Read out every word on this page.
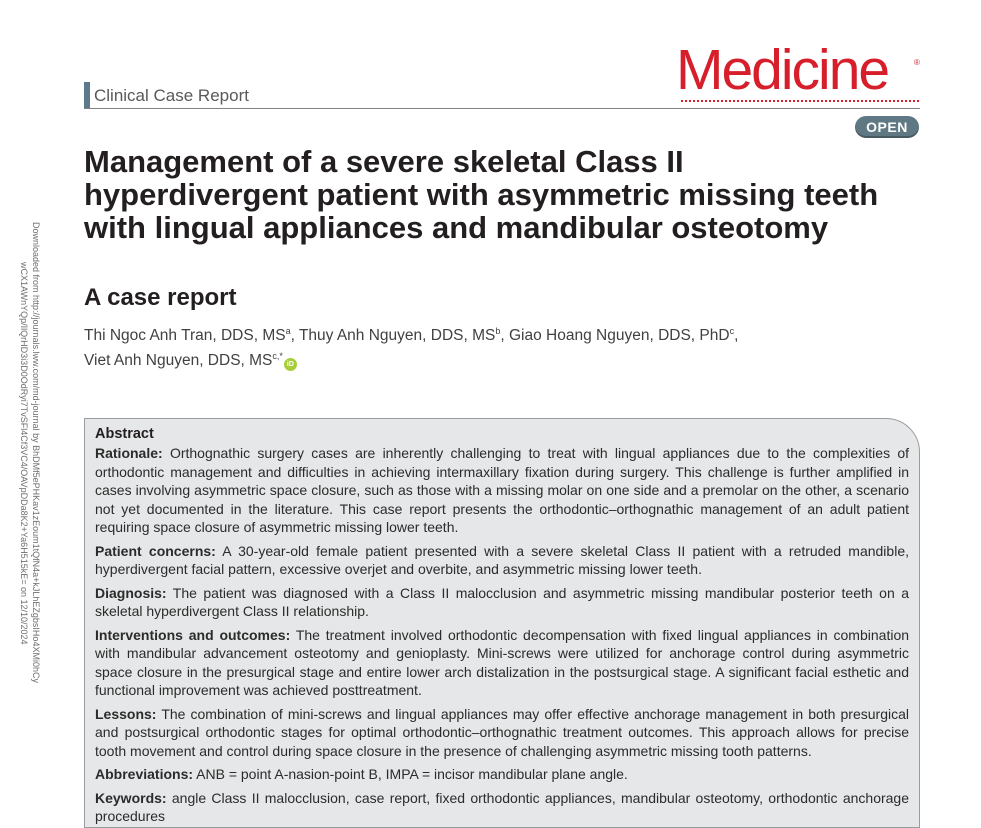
Downloaded from http://journals.lww.com/md-journal by BhDMf5ePHKav1zEoum1tQfN4a+kJLhEZgbsIHo4XMi0hCy
wCX1AWnYQp/IlQrHD3i3D0OdRyi7TvSFl4Cf3VC4/OAVpDDa8K2+Ya6H515kE= on 12/10/2024
Clinical Case Report	Medicine	®
OPEN
Management of a severe skeletal Class II hyperdivergent patient with asymmetric missing teeth with lingual appliances and mandibular osteotomy
A case report
Thi Ngoc Anh Tran, DDS, $MS^a$, Thuy Anh Nguyen, DDS, $MS^b$, Giao Hoang Nguyen, DDS, PhD$^c$,
Viet Anh Nguyen, DDS, $MS^{c,*}iD$
Abstract

Rationale: Orthognathic surgery cases are inherently challenging to treat with lingual appliances due to the complexities of orthodontic management and difficulties in achieving intermaxillary fixation during surgery. This challenge is further amplified in cases involving asymmetric space closure, such as those with a missing molar on one side and a premolar on the other, a scenario not yet documented in the literature. This case report presents the orthodontic–orthognathic management of an adult patient requiring space closure of asymmetric missing lower teeth.

Patient concerns: A 30-year-old female patient presented with a severe skeletal Class II patient with a retruded mandible, hyperdivergent facial pattern, excessive overjet and overbite, and asymmetric missing lower teeth.

Diagnosis: The patient was diagnosed with a Class II malocclusion and asymmetric missing mandibular posterior teeth on a skeletal hyperdivergent Class II relationship.

Interventions and outcomes: The treatment involved orthodontic decompensation with fixed lingual appliances in combination with mandibular advancement osteotomy and genioplasty. Mini-screws were utilized for anchorage control during asymmetric space closure in the presurgical stage and entire lower arch distalization in the postsurgical stage. A significant facial esthetic and functional improvement was achieved posttreatment.

Lessons: The combination of mini-screws and lingual appliances may offer effective anchorage management in both presurgical and postsurgical orthodontic stages for optimal orthodontic–orthognathic treatment outcomes. This approach allows for precise tooth movement and control during space closure in the presence of challenging asymmetric missing tooth patterns.

Abbreviations: ANB = point A-nasion-point B, IMPA = incisor mandibular plane angle.

Keywords: angle Class II malocclusion, case report, fixed orthodontic appliances, mandibular osteotomy, orthodontic anchorage procedures
